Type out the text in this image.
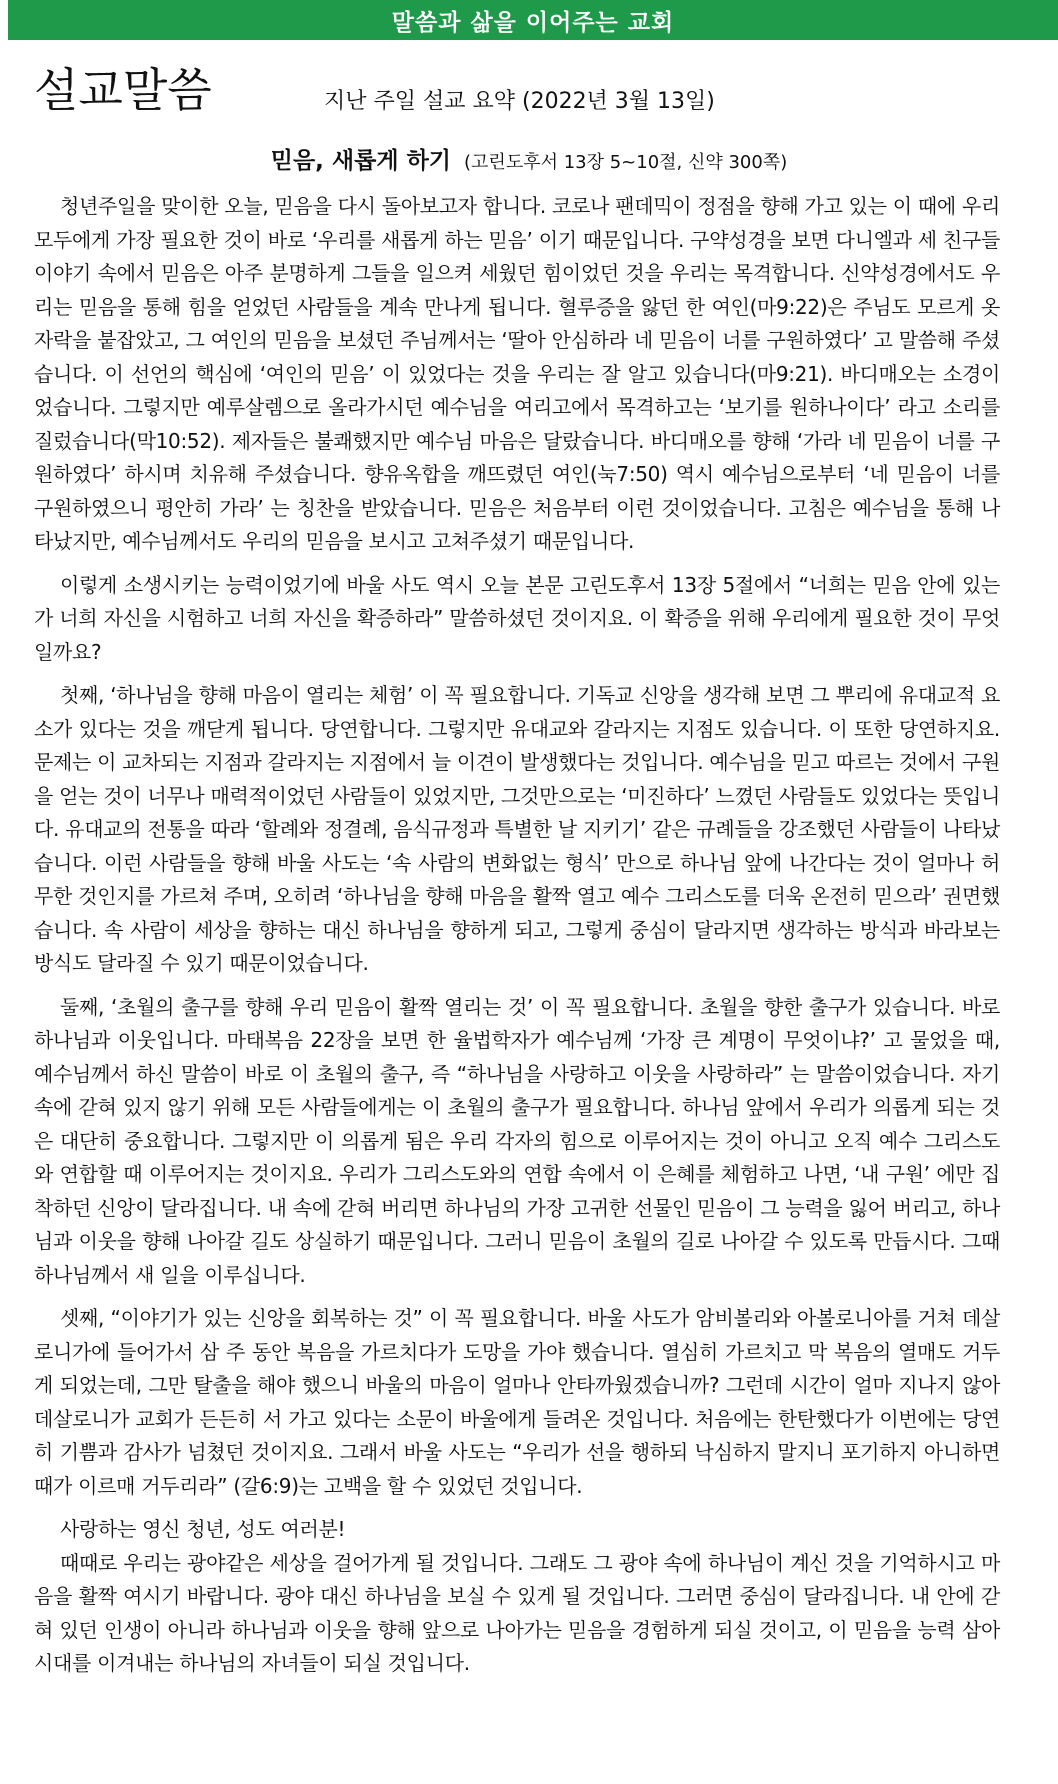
말씀과 삶을 이어주는 교회
설교말씀	지난 주일 설교 요약 (2022년 3월 13일)
믿음, 새롭게 하기 (고린도후서 13장 5~10절, 신약 300쪽)

청년주일을 맞이한 오늘, 믿음을 다시 돌아보고자 합니다. 코로나 팬데믹이 정점을 향해 가고 있는 이 때에 우리 모두에게 가장 필요한 것이 바로 ‘우리를 새롭게 하는 믿음’ 이기 때문입니다. 구약성경을 보면 다니엘과 세 친구들 이야기 속에서 믿음은 아주 분명하게 그들을 일으켜 세웠던 힘이었던 것을 우리는 목격합니다. 신약성경에서도 우리는 믿음을 통해 힘을 얻었던 사람들을 계속 만나게 됩니다. 혈루증을 앓던 한 여인(마9:22)은 주님도 모르게 옷자락을 붙잡았고, 그 여인의 믿음을 보셨던 주님께서는 ‘딸아 안심하라 네 믿음이 너를 구원하였다’ 고 말씀해 주셨습니다. 이 선언의 핵심에 ‘여인의 믿음’ 이 있었다는 것을 우리는 잘 알고 있습니다(마9:21). 바디매오는 소경이었습니다. 그렇지만 예루살렘으로 올라가시던 예수님을 여리고에서 목격하고는 ‘보기를 원하나이다’ 라고 소리를 질렀습니다(막10:52). 제자들은 불쾌했지만 예수님 마음은 달랐습니다. 바디매오를 향해 ‘가라 네 믿음이 너를 구원하였다’ 하시며 치유해 주셨습니다. 향유옥합을 깨뜨렸던 여인(눅7:50) 역시 예수님으로부터 ‘네 믿음이 너를 구원하였으니 평안히 가라’ 는 칭찬을 받았습니다. 믿음은 처음부터 이런 것이었습니다. 고침은 예수님을 통해 나타났지만, 예수님께서도 우리의 믿음을 보시고 고쳐주셨기 때문입니다.

이렇게 소생시키는 능력이었기에 바울 사도 역시 오늘 본문 고린도후서 13장 5절에서 “너희는 믿음 안에 있는가 너희 자신을 시험하고 너희 자신을 확증하라” 말씀하셨던 것이지요. 이 확증을 위해 우리에게 필요한 것이 무엇일까요?

첫째, ‘하나님을 향해 마음이 열리는 체험’ 이 꼭 필요합니다. 기독교 신앙을 생각해 보면 그 뿌리에 유대교적 요소가 있다는 것을 깨닫게 됩니다. 당연합니다. 그렇지만 유대교와 갈라지는 지점도 있습니다. 이 또한 당연하지요. 문제는 이 교차되는 지점과 갈라지는 지점에서 늘 이견이 발생했다는 것입니다. 예수님을 믿고 따르는 것에서 구원을 얻는 것이 너무나 매력적이었던 사람들이 있었지만, 그것만으로는 ‘미진하다’ 느꼈던 사람들도 있었다는 뜻입니다. 유대교의 전통을 따라 ‘할례와 정결례, 음식규정과 특별한 날 지키기’ 같은 규례들을 강조했던 사람들이 나타났습니다. 이런 사람들을 향해 바울 사도는 ‘속 사람의 변화없는 형식’ 만으로 하나님 앞에 나간다는 것이 얼마나 허무한 것인지를 가르쳐 주며, 오히려 ‘하나님을 향해 마음을 활짝 열고 예수 그리스도를 더욱 온전히 믿으라’ 권면했습니다. 속 사람이 세상을 향하는 대신 하나님을 향하게 되고, 그렇게 중심이 달라지면 생각하는 방식과 바라보는 방식도 달라질 수 있기 때문이었습니다.

둘째, ‘초월의 출구를 향해 우리 믿음이 활짝 열리는 것’ 이 꼭 필요합니다. 초월을 향한 출구가 있습니다. 바로 하나님과 이웃입니다. 마태복음 22장을 보면 한 율법학자가 예수님께 ‘가장 큰 계명이 무엇이냐?’ 고 물었을 때, 예수님께서 하신 말씀이 바로 이 초월의 출구, 즉 “하나님을 사랑하고 이웃을 사랑하라” 는 말씀이었습니다. 자기 속에 갇혀 있지 않기 위해 모든 사람들에게는 이 초월의 출구가 필요합니다. 하나님 앞에서 우리가 의롭게 되는 것은 대단히 중요합니다. 그렇지만 이 의롭게 됨은 우리 각자의 힘으로 이루어지는 것이 아니고 오직 예수 그리스도와 연합할 때 이루어지는 것이지요. 우리가 그리스도와의 연합 속에서 이 은혜를 체험하고 나면, ‘내 구원’ 에만 집착하던 신앙이 달라집니다. 내 속에 갇혀 버리면 하나님의 가장 고귀한 선물인 믿음이 그 능력을 잃어 버리고, 하나님과 이웃을 향해 나아갈 길도 상실하기 때문입니다. 그러니 믿음이 초월의 길로 나아갈 수 있도록 만듭시다. 그때 하나님께서 새 일을 이루십니다.

셋째, “이야기가 있는 신앙을 회복하는 것” 이 꼭 필요합니다. 바울 사도가 암비볼리와 아볼로니아를 거쳐 데살로니가에 들어가서 삼 주 동안 복음을 가르치다가 도망을 가야 했습니다. 열심히 가르치고 막 복음의 열매도 거두게 되었는데, 그만 탈출을 해야 했으니 바울의 마음이 얼마나 안타까웠겠습니까? 그런데 시간이 얼마 지나지 않아 데살로니가 교회가 든든히 서 가고 있다는 소문이 바울에게 들려온 것입니다. 처음에는 한탄했다가 이번에는 당연히 기쁨과 감사가 넘쳤던 것이지요. 그래서 바울 사도는 “우리가 선을 행하되 낙심하지 말지니 포기하지 아니하면 때가 이르매 거두리라” (갈6:9)는 고백을 할 수 있었던 것입니다.

사랑하는 영신 청년, 성도 여러분!

때때로 우리는 광야같은 세상을 걸어가게 될 것입니다. 그래도 그 광야 속에 하나님이 계신 것을 기억하시고 마음을 활짝 여시기 바랍니다. 광야 대신 하나님을 보실 수 있게 될 것입니다. 그러면 중심이 달라집니다. 내 안에 갇혀 있던 인생이 아니라 하나님과 이웃을 향해 앞으로 나아가는 믿음을 경험하게 되실 것이고, 이 믿음을 능력 삼아 시대를 이겨내는 하나님의 자녀들이 되실 것입니다.
